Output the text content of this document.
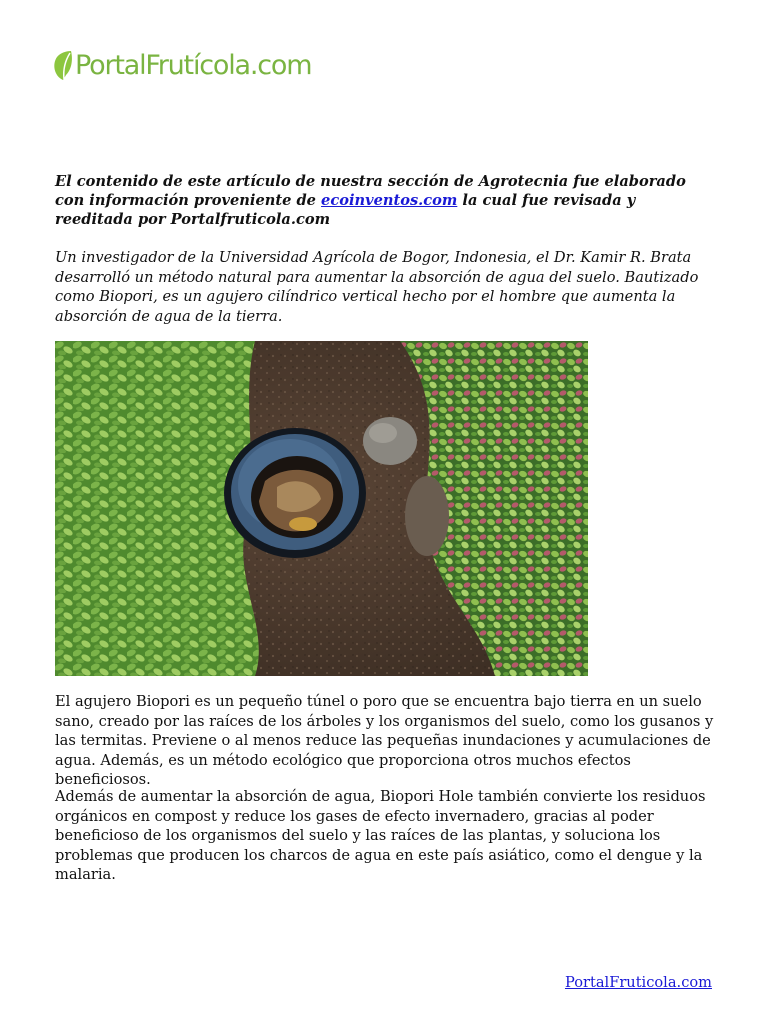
PortalFrutícola.com

El contenido de este artículo de nuestra sección de Agrotecnia fue elaborado con información proveniente de ecoinventos.com la cual fue revisada y reeditada por Portalfruticola.com

Un investigador de la Universidad Agrícola de Bogor, Indonesia, el Dr. Kamir R. Brata desarrolló un método natural para aumentar la absorción de agua del suelo. Bautizado como Biopori, es un agujero cilíndrico vertical hecho por el hombre que aumenta la absorción de agua de la tierra.

El agujero Biopori es un pequeño túnel o poro que se encuentra bajo tierra en un suelo sano, creado por las raíces de los árboles y los organismos del suelo, como los gusanos y las termitas. Previene o al menos reduce las pequeñas inundaciones y acumulaciones de agua. Además, es un método ecológico que proporciona otros muchos efectos beneficiosos.

Además de aumentar la absorción de agua, Biopori Hole también convierte los residuos orgánicos en compost y reduce los gases de efecto invernadero, gracias al poder beneficioso de los organismos del suelo y las raíces de las plantas, y soluciona los problemas que producen los charcos de agua en este país asiático, como el dengue y la malaria.

PortalFruticola.com
